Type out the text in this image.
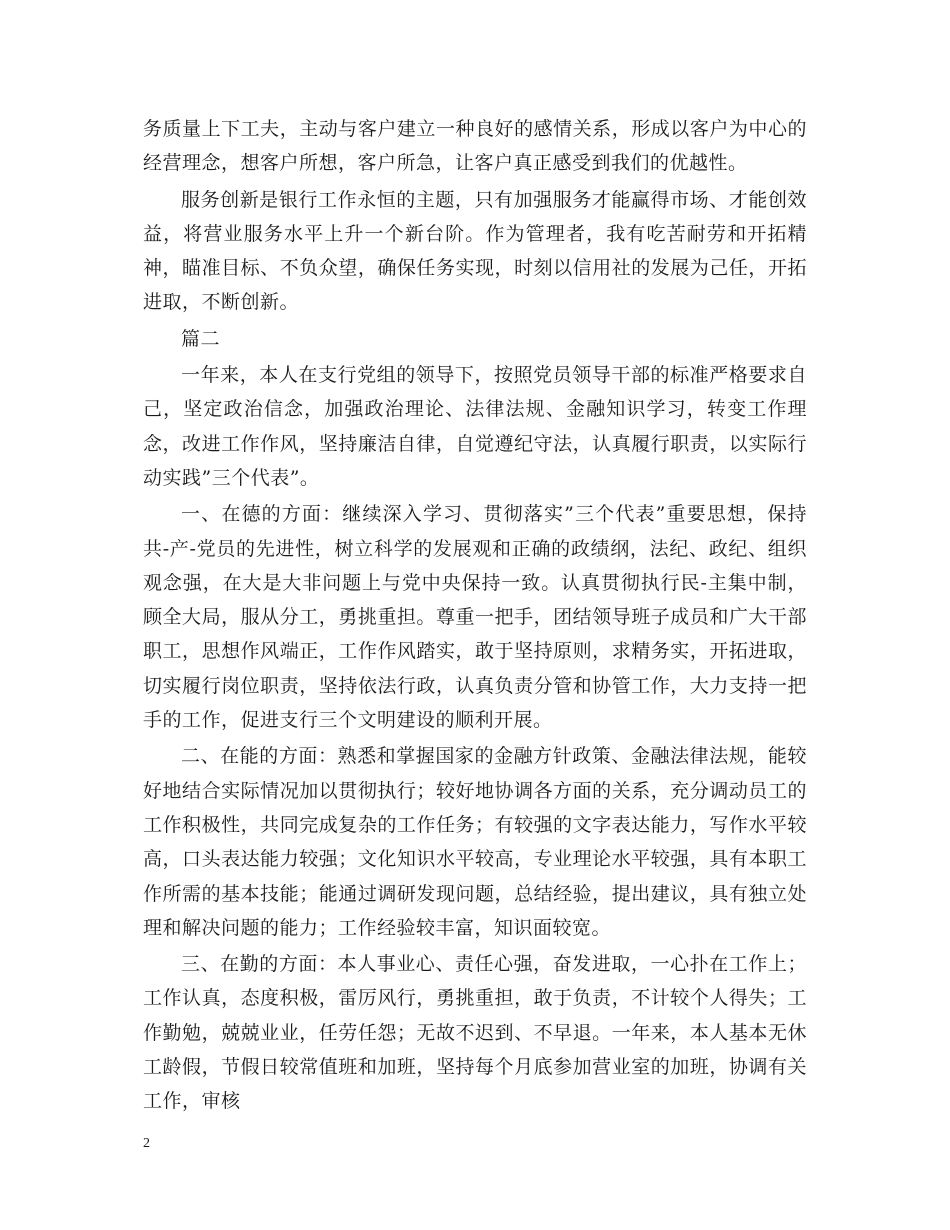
务质量上下工夫，主动与客户建立一种良好的感情关系，形成以客户为中心的经营理念，想客户所想，客户所急，让客户真正感受到我们的优越性。

服务创新是银行工作永恒的主题，只有加强服务才能赢得市场、才能创效益，将营业服务水平上升一个新台阶。作为管理者，我有吃苦耐劳和开拓精神，瞄准目标、不负众望，确保任务实现，时刻以信用社的发展为己任，开拓进取，不断创新。

篇二

一年来，本人在支行党组的领导下，按照党员领导干部的标准严格要求自己，坚定政治信念，加强政治理论、法律法规、金融知识学习，转变工作理念，改进工作作风，坚持廉洁自律，自觉遵纪守法，认真履行职责，以实际行动实践”三个代表”。

一、在德的方面：继续深入学习、贯彻落实”三个代表”重要思想，保持共-产-党员的先进性，树立科学的发展观和正确的政绩纲，法纪、政纪、组织观念强，在大是大非问题上与党中央保持一致。认真贯彻执行民-主集中制，顾全大局，服从分工，勇挑重担。尊重一把手，团结领导班子成员和广大干部职工，思想作风端正，工作作风踏实，敢于坚持原则，求精务实，开拓进取，切实履行岗位职责，坚持依法行政，认真负责分管和协管工作，大力支持一把手的工作，促进支行三个文明建设的顺利开展。

二、在能的方面：熟悉和掌握国家的金融方针政策、金融法律法规，能较好地结合实际情况加以贯彻执行；较好地协调各方面的关系，充分调动员工的工作积极性，共同完成复杂的工作任务；有较强的文字表达能力，写作水平较高，口头表达能力较强；文化知识水平较高，专业理论水平较强，具有本职工作所需的基本技能；能通过调研发现问题，总结经验，提出建议，具有独立处理和解决问题的能力；工作经验较丰富，知识面较宽。

三、在勤的方面：本人事业心、责任心强，奋发进取，一心扑在工作上；工作认真，态度积极，雷厉风行，勇挑重担，敢于负责，不计较个人得失；工作勤勉，兢兢业业，任劳任怨；无故不迟到、不早退。一年来，本人基本无休工龄假，节假日较常值班和加班，坚持每个月底参加营业室的加班，协调有关工作，审核

2
